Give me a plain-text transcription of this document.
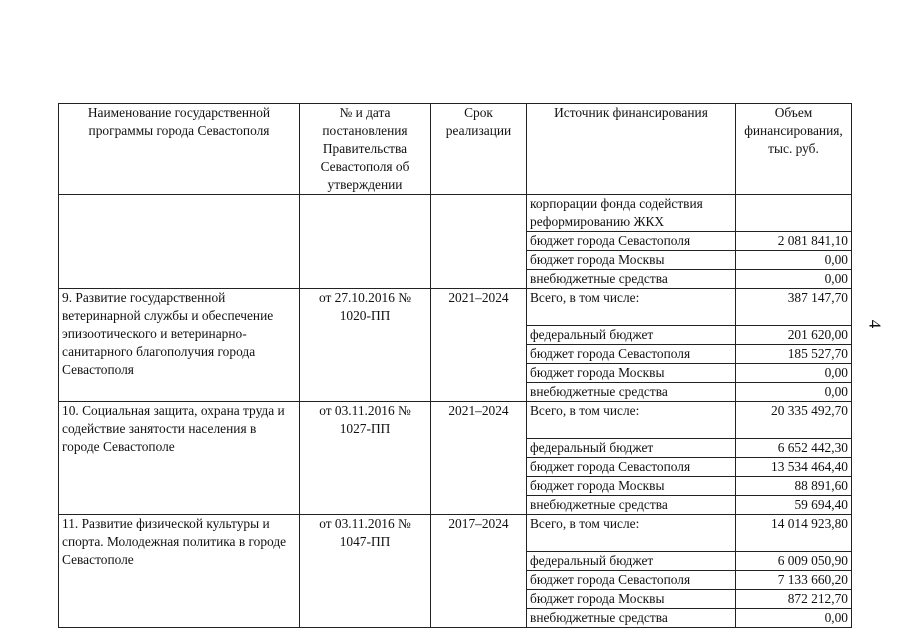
Наименование государственной программы города Севастополя	№ и дата постановления Правительства Севастополя об утверждении	Срок реализации	Источник финансирования	Объем финансирования, тыс. руб.
			корпорации фонда содействия реформированию ЖКХ	
			бюджет города Севастополя	2 081 841,10
			бюджет города Москвы	0,00
			внебюджетные средства	0,00
9. Развитие государственной ветеринарной службы и обеспечение эпизоотического и ветеринарно-санитарного благополучия города Севастополя	от 27.10.2016 № 1020-ПП	2021–2024	Всего, в том числе:	387 147,70
			федеральный бюджет	201 620,00
			бюджет города Севастополя	185 527,70
			бюджет города Москвы	0,00
			внебюджетные средства	0,00
10. Социальная защита, охрана труда и содействие занятости населения в городе Севастополе	от 03.11.2016 № 1027-ПП	2021–2024	Всего, в том числе:	20 335 492,70
			федеральный бюджет	6 652 442,30
			бюджет города Севастополя	13 534 464,40
			бюджет города Москвы	88 891,60
			внебюджетные средства	59 694,40
11. Развитие физической культуры и спорта. Молодежная политика в городе Севастополе	от 03.11.2016 № 1047-ПП	2017–2024	Всего, в том числе:	14 014 923,80
			федеральный бюджет	6 009 050,90
			бюджет города Севастополя	7 133 660,20
			бюджет города Москвы	872 212,70
			внебюджетные средства	0,00
4
